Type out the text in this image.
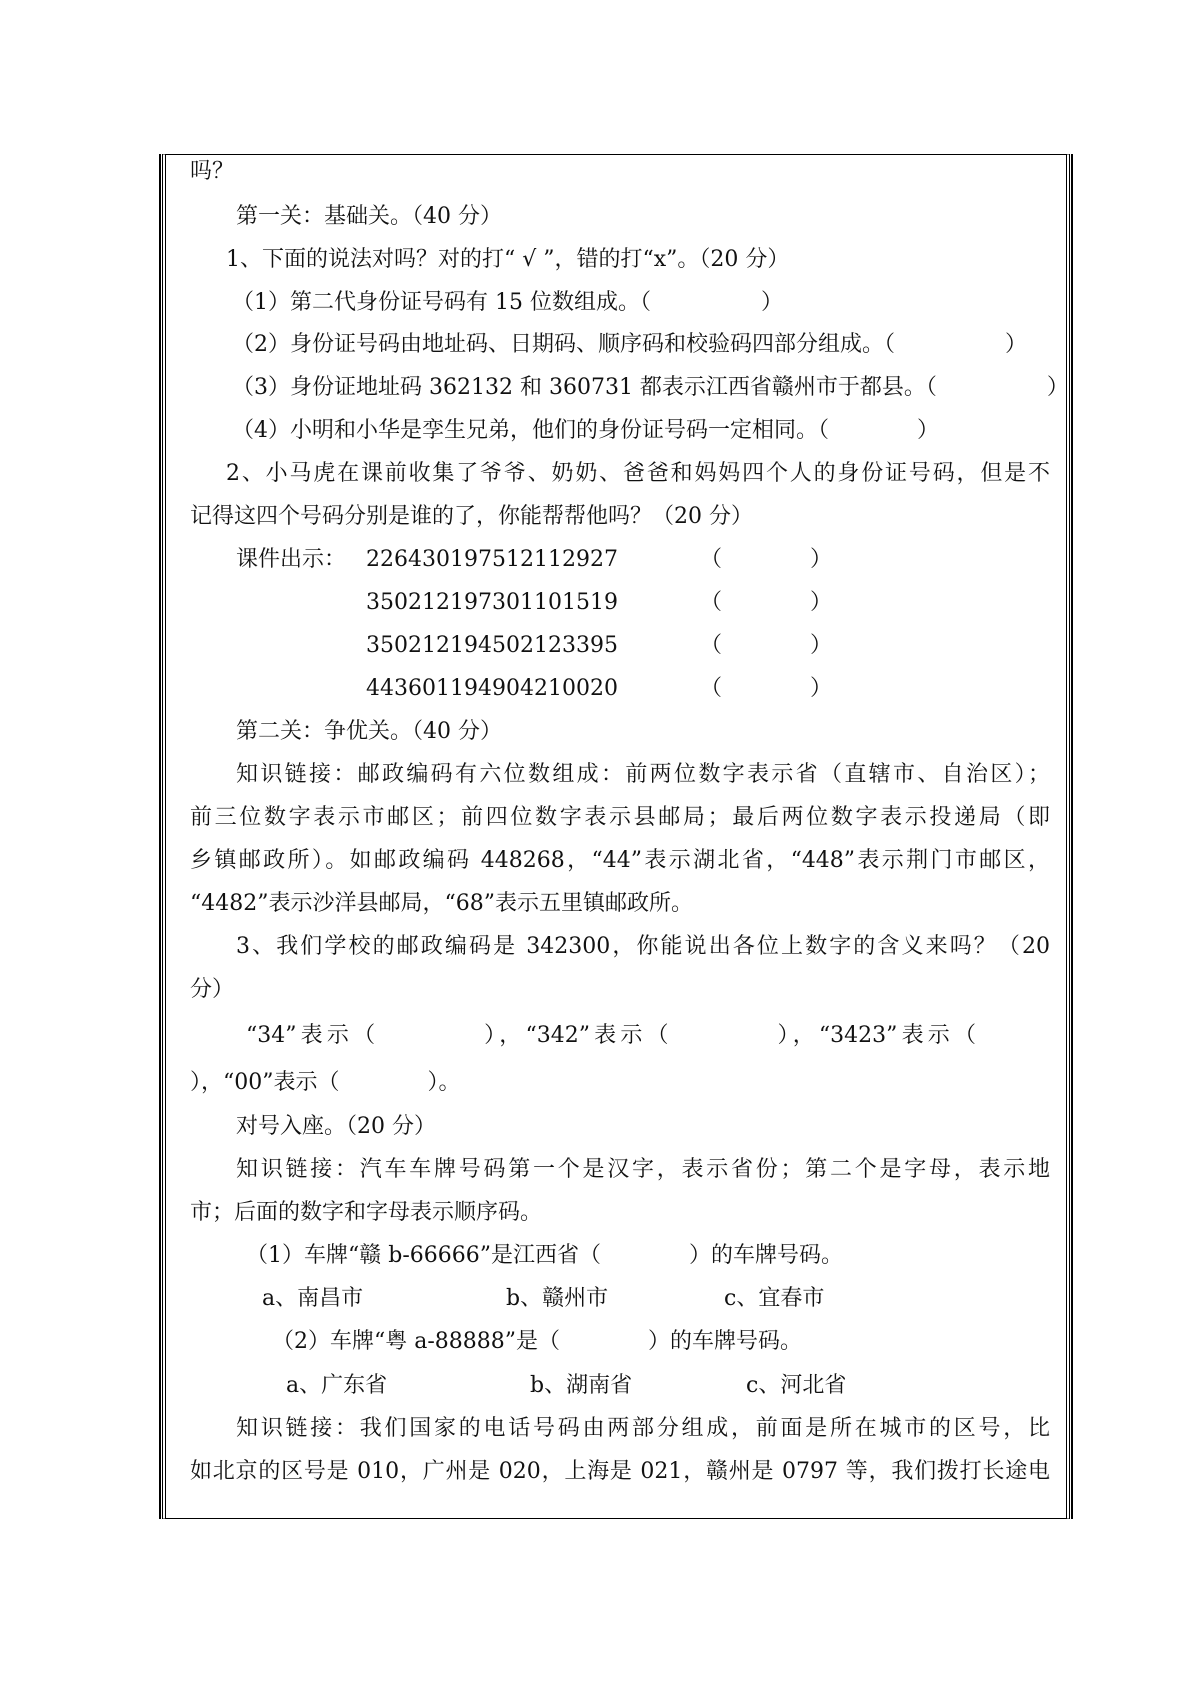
吗？
第一关：基础关。（40 分）
1、下面的说法对吗？对的打“ √ ”，错的打“x”。（20 分）
（1）第二代身份证号码有 15 位数组成。（　　　　　）
（2）身份证号码由地址码、日期码、顺序码和校验码四部分组成。（　　　　　）
（3）身份证地址码 362132 和 360731 都表示江西省赣州市于都县。（　　　　　）
（4）小明和小华是孪生兄弟，他们的身份证号码一定相同。（　　　　）
2、小马虎在课前收集了爷爷、奶奶、爸爸和妈妈四个人的身份证号码，但是不
记得这四个号码分别是谁的了，你能帮帮他吗？（20 分）
课件出示： 226430197512112927	（　　　　）
350212197301101519	（　　　　）
350212194502123395	（　　　　）
443601194904210020	（　　　　）
第二关：争优关。（40 分）
知识链接：邮政编码有六位数组成：前两位数字表示省（直辖市、自治区）；
前三位数字表示市邮区；前四位数字表示县邮局；最后两位数字表示投递局（即
乡镇邮政所）。如邮政编码 448268，“44”表示湖北省，“448”表示荆门市邮区，
“4482”表示沙洋县邮局，“68”表示五里镇邮政所。
3、我们学校的邮政编码是 342300，你能说出各位上数字的含义来吗？（20
分）
“34”表示（　　　　），“342”表示（　　　　），“3423”表示（
），“00”表示（　　　　）。
对号入座。（20 分）
知识链接：汽车车牌号码第一个是汉字，表示省份；第二个是字母，表示地
市；后面的数字和字母表示顺序码。
（1）车牌“赣 b-66666”是江西省（　　　　）的车牌号码。
a、南昌市	b、赣州市	c、宜春市
（2）车牌“粤 a-88888”是（　　　　）的车牌号码。
a、广东省	b、湖南省	c、河北省
知识链接：我们国家的电话号码由两部分组成，前面是所在城市的区号，比
如北京的区号是 010，广州是 020，上海是 021，赣州是 0797 等，我们拨打长途电
